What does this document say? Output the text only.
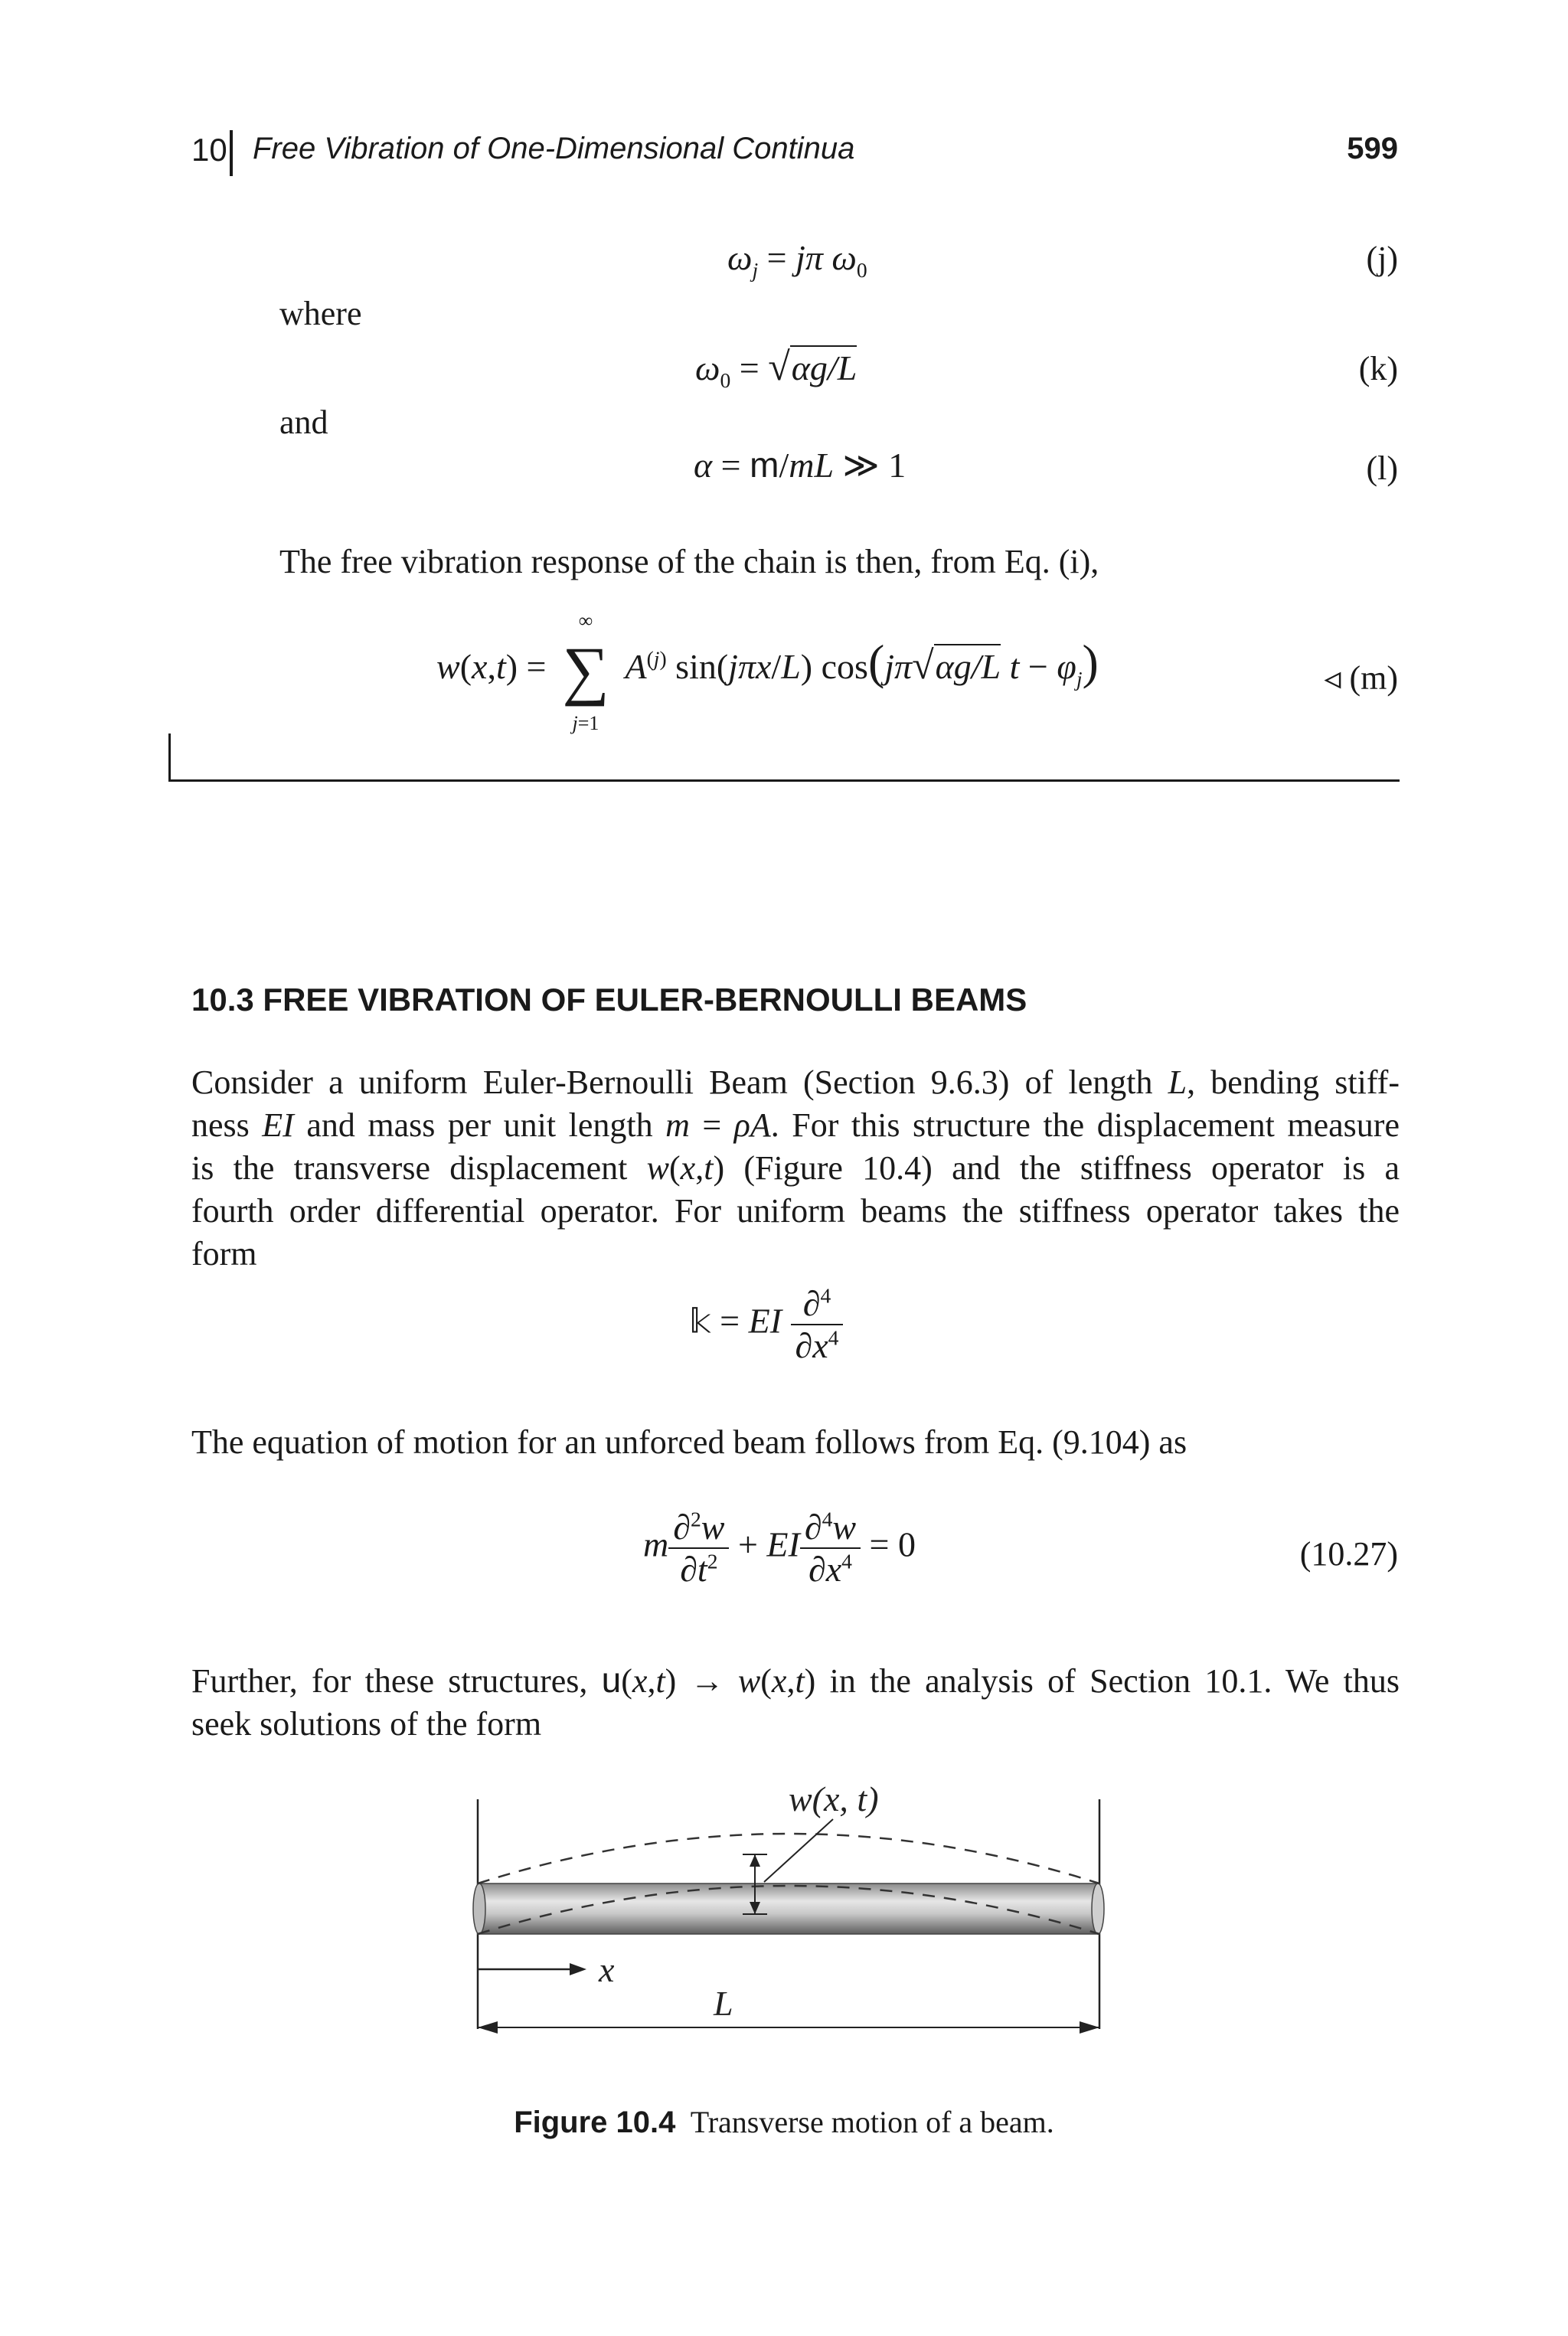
10 Free Vibration of One-Dimensional Continua	599
$\omega_j = j\pi$ $\omega_0$	(j)
where
$\omega_0 = √\alpha g/L$	(k)
and
α = m/mL ≫ 1	(l)
The free vibration response of the chain is then, from Eq. (i),
w(x,t) =
∞
∑
j=1
$A^{(j)}$ sin(jπx/L) cos(jπ√αg/L $t - \varphi_j$)	◃ (m)
10.3 FREE VIBRATION OF EULER-BERNOULLI BEAMS
Consider a uniform Euler-Bernoulli Beam (Section 9.6.3) of length L, bending stiff-
ness EI and mass per unit length m = ρA. For this structure the displacement measure
is the transverse displacement w(x,t) (Figure 10.4) and the stiffness operator is a
fourth order differential operator. For uniform beams the stiffness operator takes the
form
𝕜 = EI $\frac{\partial^4}{\partial x^4}$
The equation of motion for an unforced beam follows from Eq. (9.104) as
m $\frac{\partial^2w}{\partial t^2}$ + EI $\frac{\partial^4w}{\partial x^4} = 0$	(10.27)
Further, for these structures, u(x,t) → w(x,t) in the analysis of Section 10.1. We thus
seek solutions of the form
w(x, t)
x
L
Figure 10.4 Transverse motion of a beam.
